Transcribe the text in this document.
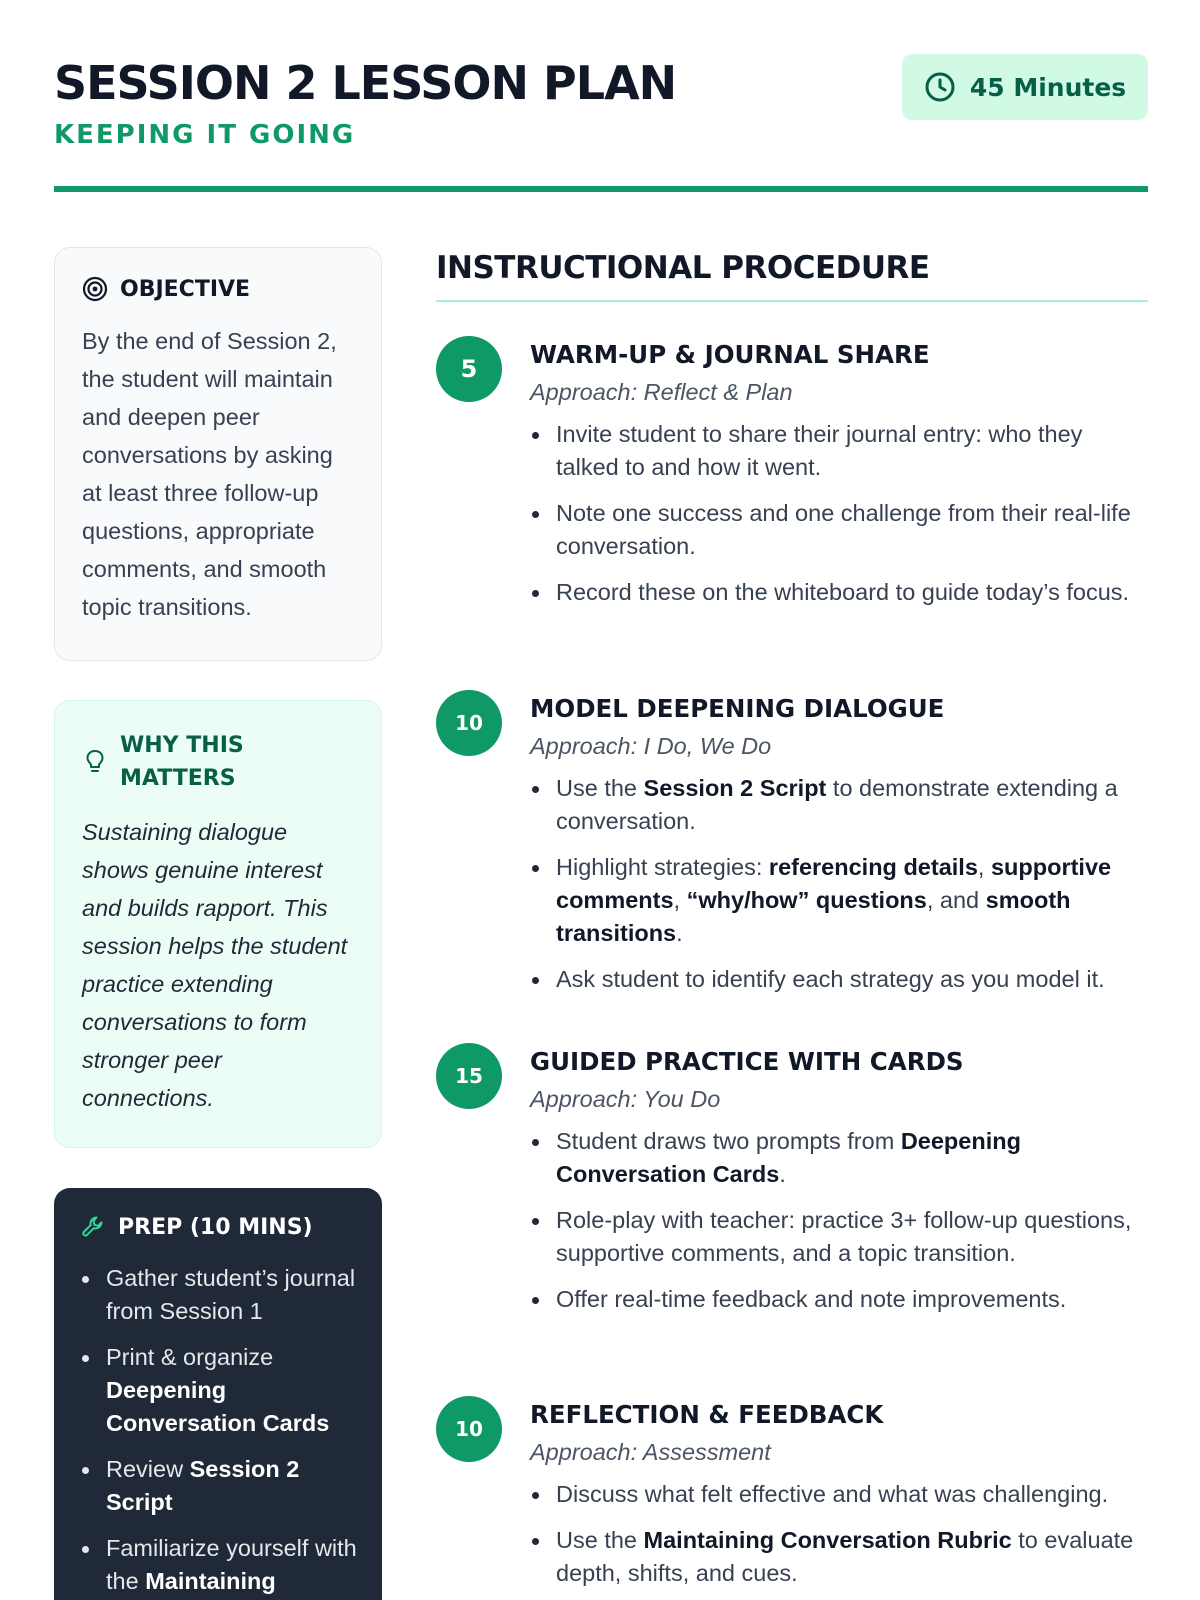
SESSION 2 LESSON PLAN
KEEPING IT GOING
45 Minutes
OBJECTIVE

By the end of Session 2, the student will maintain and deepen peer conversations by asking at least three follow-up questions, appropriate comments, and smooth topic transitions.

WHY THIS MATTERS

Sustaining dialogue shows genuine interest and builds rapport. This session helps the student practice extending conversations to form stronger peer connections.

PREP (10 MINS)
Gather student’s journal from Session 1
Print & organize Deepening Conversation Cards
Review Session 2 Script
Familiarize yourself with the Maintaining
INSTRUCTIONAL PROCEDURE
5	WARM-UP & JOURNAL SHARE
Approach: Reflect & Plan
Invite student to share their journal entry: who they talked to and how it went.
Note one success and one challenge from their real-life conversation.
Record these on the whiteboard to guide today’s focus.
10	MODEL DEEPENING DIALOGUE
Approach: I Do, We Do
Use the Session 2 Script to demonstrate extending a conversation.
Highlight strategies: referencing details, supportive comments, “why/how” questions, and smooth transitions.
Ask student to identify each strategy as you model it.
15	GUIDED PRACTICE WITH CARDS
Approach: You Do
Student draws two prompts from Deepening Conversation Cards.
Role-play with teacher: practice 3+ follow-up questions, supportive comments, and a topic transition.
Offer real-time feedback and note improvements.
10	REFLECTION & FEEDBACK
Approach: Assessment
Discuss what felt effective and what was challenging.
Use the Maintaining Conversation Rubric to evaluate depth, shifts, and cues.
